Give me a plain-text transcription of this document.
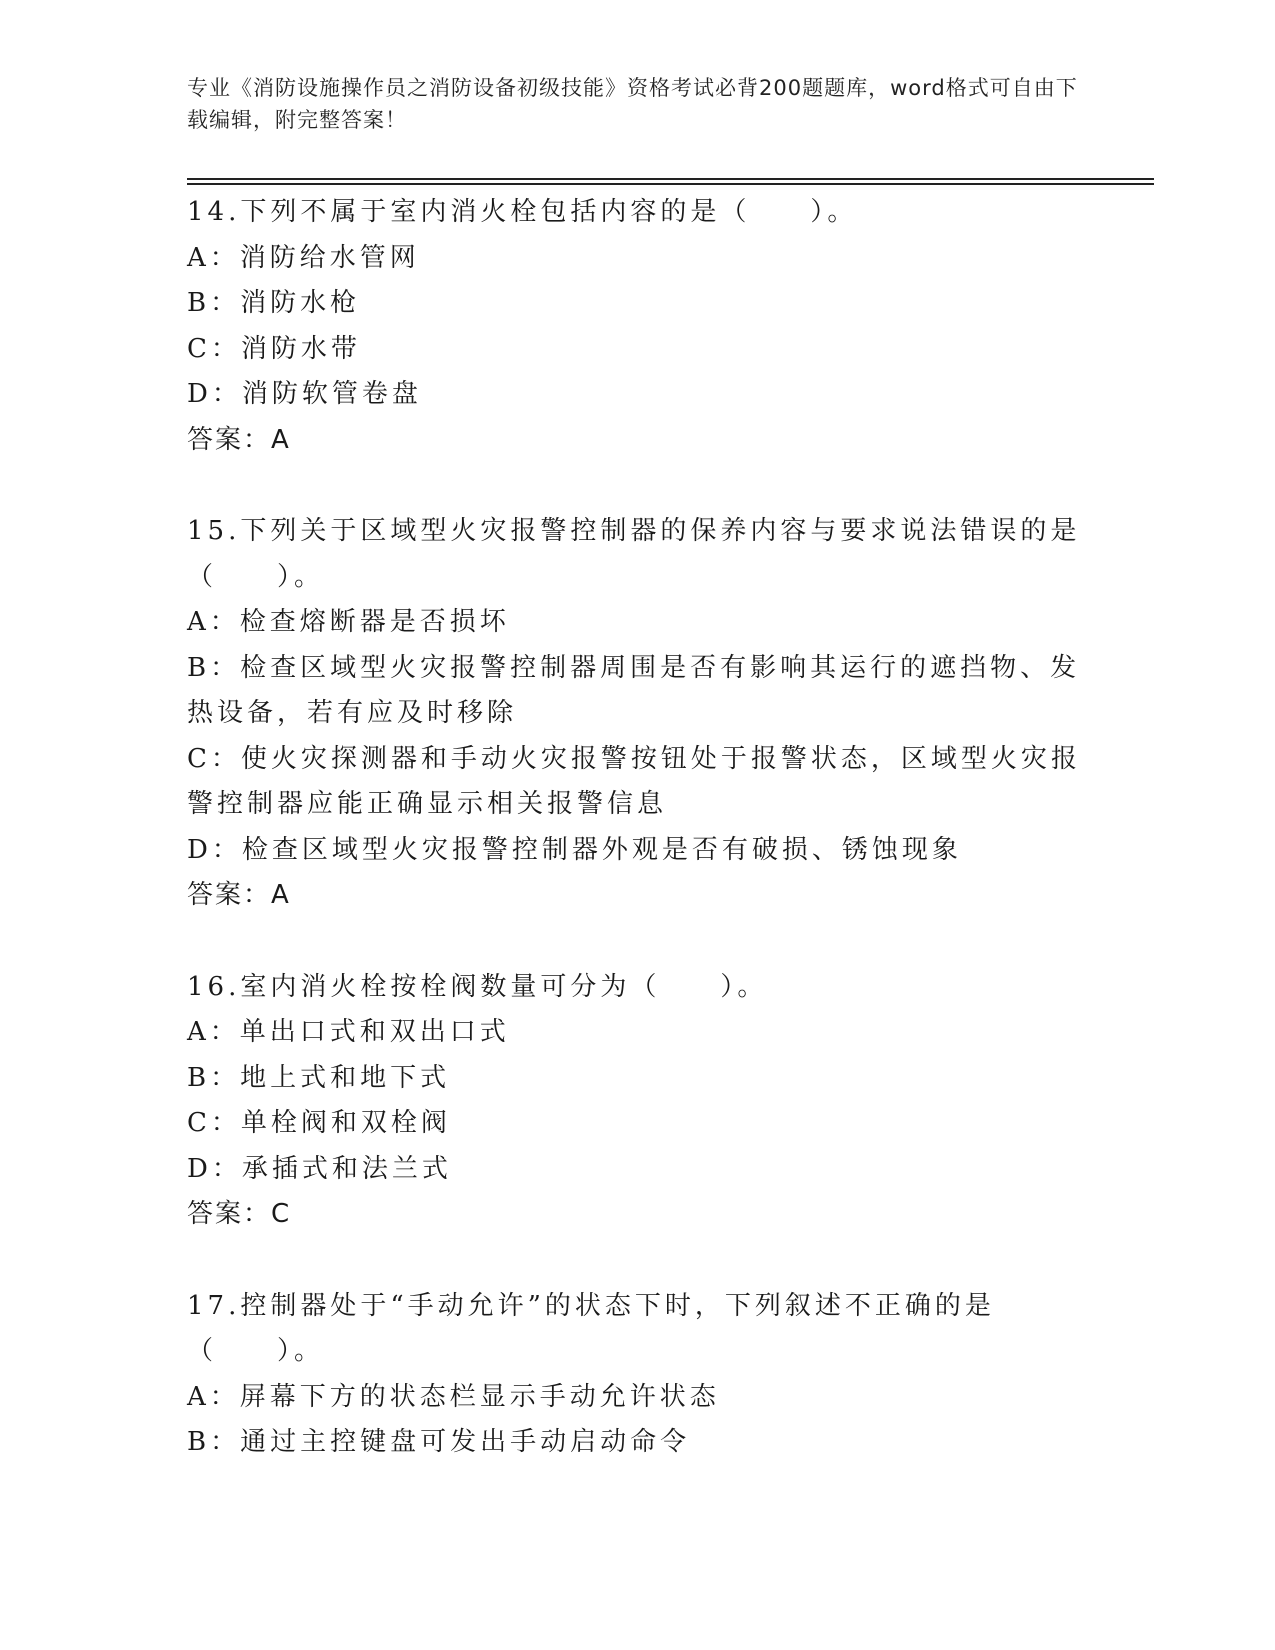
专业《消防设施操作员之消防设备初级技能》资格考试必背200题题库，word格式可自由下载编辑，附完整答案！
14.下列不属于室内消火栓包括内容的是（　　）。
A：消防给水管网
B：消防水枪
C：消防水带
D：消防软管卷盘
答案：A
15.下列关于区域型火灾报警控制器的保养内容与要求说法错误的是（　　）。
A：检查熔断器是否损坏
B：检查区域型火灾报警控制器周围是否有影响其运行的遮挡物、发热设备，若有应及时移除
C：使火灾探测器和手动火灾报警按钮处于报警状态，区域型火灾报警控制器应能正确显示相关报警信息
D：检查区域型火灾报警控制器外观是否有破损、锈蚀现象
答案：A
16.室内消火栓按栓阀数量可分为（　　）。
A：单出口式和双出口式
B：地上式和地下式
C：单栓阀和双栓阀
D：承插式和法兰式
答案：C
17.控制器处于“手动允许”的状态下时，下列叙述不正确的是（　　）。
A：屏幕下方的状态栏显示手动允许状态
B：通过主控键盘可发出手动启动命令
